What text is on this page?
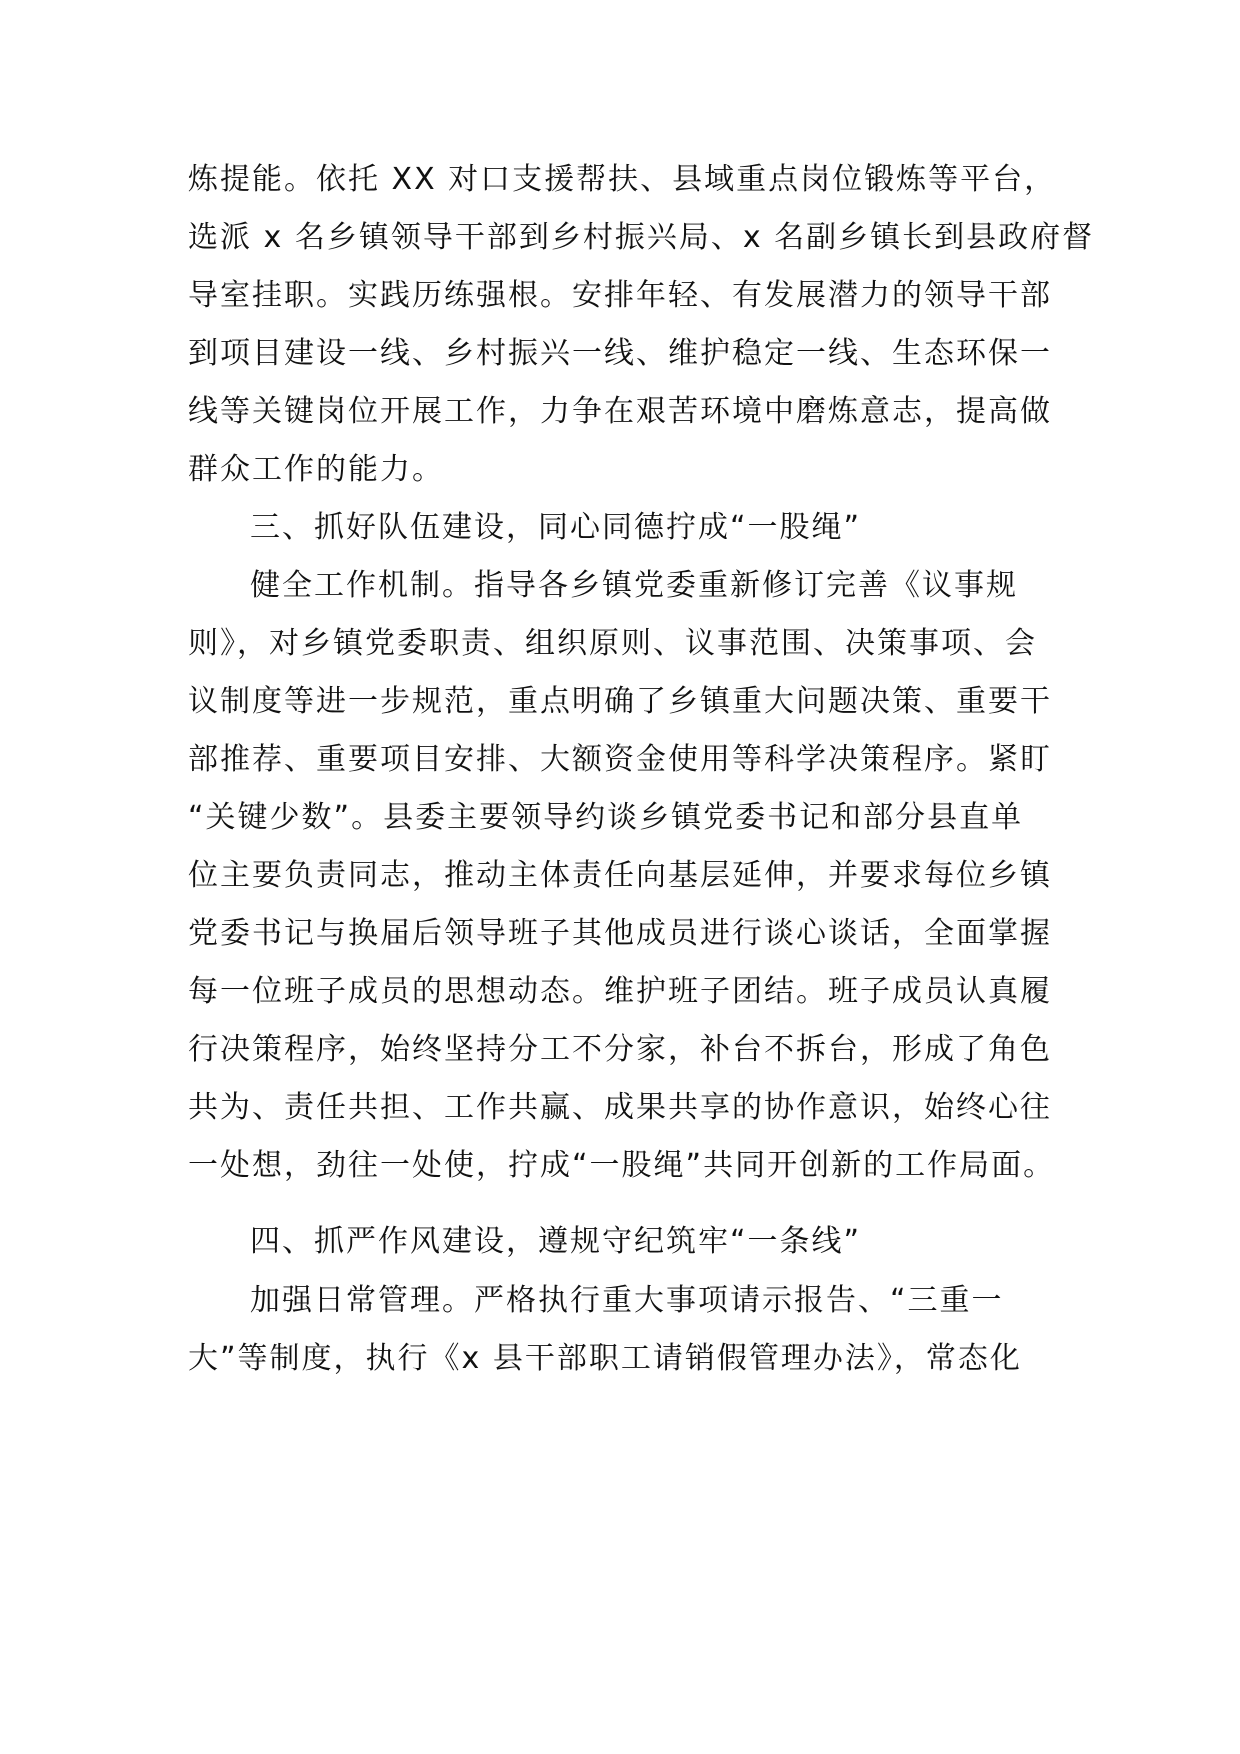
炼提能。依托 XX 对口支援帮扶、县域重点岗位锻炼等平台，
选派 x 名乡镇领导干部到乡村振兴局、x 名副乡镇长到县政府督
导室挂职。实践历练强根。安排年轻、有发展潜力的领导干部
到项目建设一线、乡村振兴一线、维护稳定一线、生态环保一
线等关键岗位开展工作，力争在艰苦环境中磨炼意志，提高做
群众工作的能力。
三、抓好队伍建设，同心同德拧成“一股绳”
健全工作机制。指导各乡镇党委重新修订完善《议事规
则》，对乡镇党委职责、组织原则、议事范围、决策事项、会
议制度等进一步规范，重点明确了乡镇重大问题决策、重要干
部推荐、重要项目安排、大额资金使用等科学决策程序。紧盯
“关键少数”。县委主要领导约谈乡镇党委书记和部分县直单
位主要负责同志，推动主体责任向基层延伸，并要求每位乡镇
党委书记与换届后领导班子其他成员进行谈心谈话，全面掌握
每一位班子成员的思想动态。维护班子团结。班子成员认真履
行决策程序，始终坚持分工不分家，补台不拆台，形成了角色
共为、责任共担、工作共赢、成果共享的协作意识，始终心往
一处想，劲往一处使，拧成“一股绳”共同开创新的工作局面。
四、抓严作风建设，遵规守纪筑牢“一条线”
加强日常管理。严格执行重大事项请示报告、“三重一
大”等制度，执行《x 县干部职工请销假管理办法》，常态化
